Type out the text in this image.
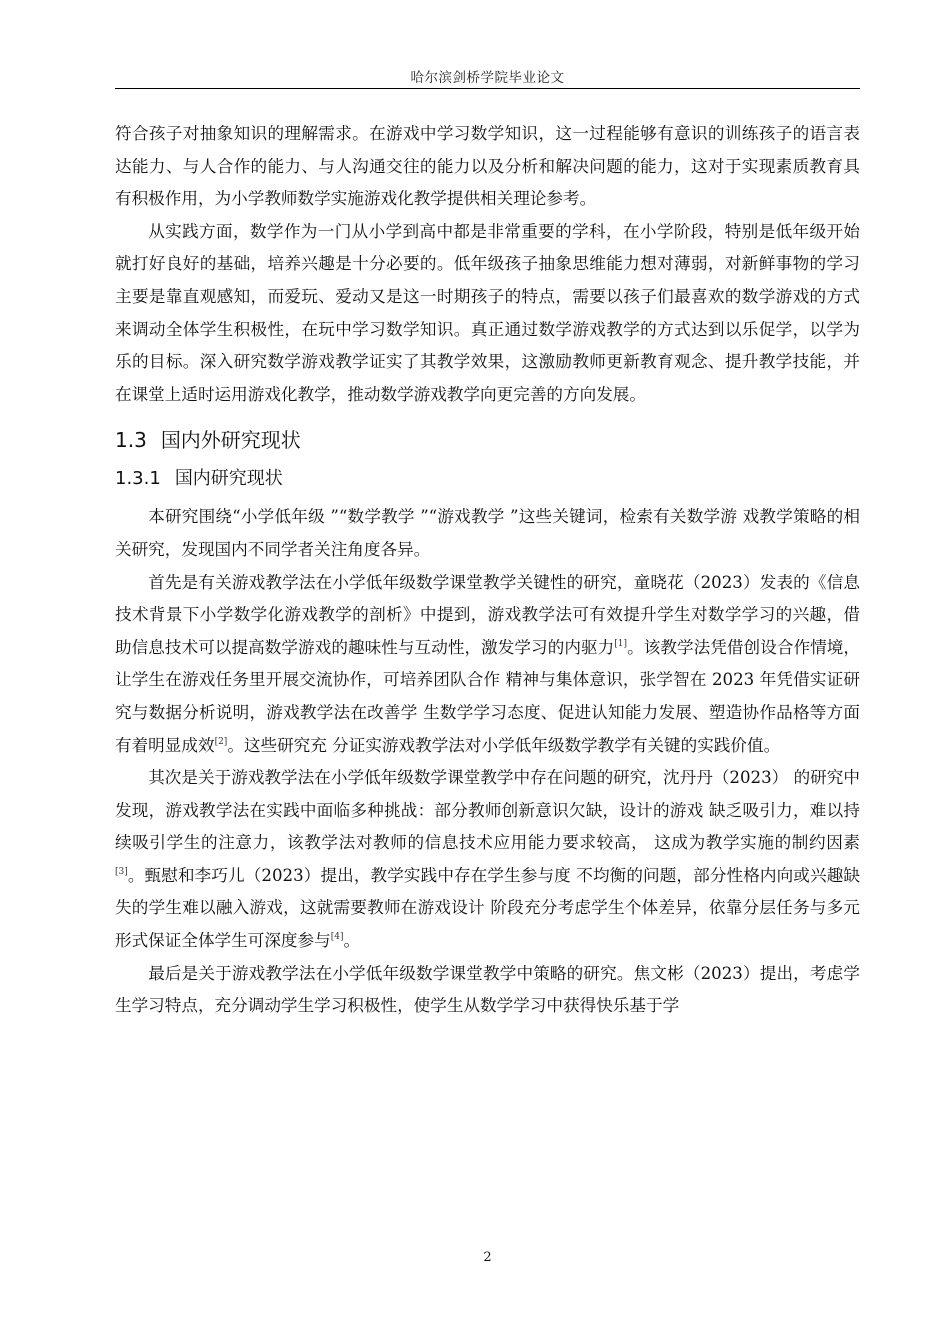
哈尔滨剑桥学院毕业论文

符合孩子对抽象知识的理解需求。在游戏中学习数学知识，这一过程能够有意识的训练孩子的语言表达能力、与人合作的能力、与人沟通交往的能力以及分析和解决问题的能力，这对于实现素质教育具有积极作用，为小学教师数学实施游戏化教学提供相关理论参考。

从实践方面，数学作为一门从小学到高中都是非常重要的学科，在小学阶段，特别是低年级开始就打好良好的基础，培养兴趣是十分必要的。低年级孩子抽象思维能力想对薄弱，对新鲜事物的学习主要是靠直观感知，而爱玩、爱动又是这一时期孩子的特点，需要以孩子们最喜欢的数学游戏的方式来调动全体学生积极性，在玩中学习数学知识。真正通过数学游戏教学的方式达到以乐促学，以学为乐的目标。深入研究数学游戏教学证实了其教学效果，这激励教师更新教育观念、提升教学技能，并在课堂上适时运用游戏化教学，推动数学游戏教学向更完善的方向发展。

1.3 国内外研究现状
1.3.1 国内研究现状

本研究围绕“小学低年级 ”“数学教学 ”“游戏教学 ”这些关键词，检索有关数学游 戏教学策略的相关研究，发现国内不同学者关注角度各异。

首先是有关游戏教学法在小学低年级数学课堂教学关键性的研究，童晓花（2023）发表的《信息技术背景下小学数学化游戏教学的剖析》中提到，游戏教学法可有效提升学生对数学学习的兴趣，借助信息技术可以提高数学游戏的趣味性与互动性，激发学习的内驱力[1]。该教学法凭借创设合作情境，让学生在游戏任务里开展交流协作，可培养团队合作 精神与集体意识，张学智在 2023 年凭借实证研究与数据分析说明，游戏教学法在改善学 生数学学习态度、促进认知能力发展、塑造协作品格等方面有着明显成效[2]。这些研究充 分证实游戏教学法对小学低年级数学教学有关键的实践价值。

其次是关于游戏教学法在小学低年级数学课堂教学中存在问题的研究，沈丹丹（2023） 的研究中发现，游戏教学法在实践中面临多种挑战：部分教师创新意识欠缺，设计的游戏 缺乏吸引力，难以持续吸引学生的注意力，该教学法对教师的信息技术应用能力要求较高， 这成为教学实施的制约因素[3]。甄慰和李巧儿（2023）提出，教学实践中存在学生参与度 不均衡的问题，部分性格内向或兴趣缺失的学生难以融入游戏，这就需要教师在游戏设计 阶段充分考虑学生个体差异，依靠分层任务与多元形式保证全体学生可深度参与[4]。

最后是关于游戏教学法在小学低年级数学课堂教学中策略的研究。焦文彬（2023）提出，考虑学生学习特点，充分调动学生学习积极性，使学生从数学学习中获得快乐基于学

2
